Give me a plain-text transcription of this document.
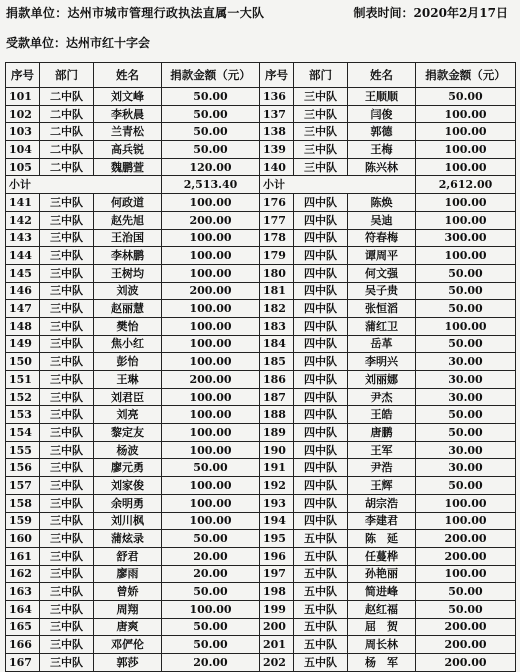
捐款单位：达州市城市管理行政执法直属一大队	制表时间：2020年2月17日
受款单位：达州市红十字会
序号	部门	姓名	捐款金额（元）	序号	部门	姓名	捐款金额（元）
101	二中队	刘文峰	50.00	136	三中队	王顺顺	50.00
102	二中队	李秋晨	50.00	137	三中队	闫俊	100.00
103	二中队	兰青松	50.00	138	三中队	郭德	100.00
104	二中队	高兵锐	50.00	139	三中队	王梅	100.00
105	二中队	魏鹏萱	120.00	140	三中队	陈兴林	100.00
小计			2,513.40	小计			2,612.00
141	三中队	何政道	100.00	176	四中队	陈焕	100.00
142	三中队	赵先旭	200.00	177	四中队	吴迪	100.00
143	三中队	王治国	100.00	178	四中队	符春梅	300.00
144	三中队	李林鹏	100.00	179	四中队	谭周平	100.00
145	三中队	王树均	100.00	180	四中队	何文强	50.00
146	三中队	刘波	200.00	181	四中队	吴子贵	50.00
147	三中队	赵丽慧	100.00	182	四中队	张恒滔	50.00
148	三中队	樊怡	100.00	183	四中队	蒲红卫	100.00
149	三中队	焦小红	100.00	184	四中队	岳革	50.00
150	三中队	彭怡	100.00	185	四中队	李明兴	30.00
151	三中队	王琳	200.00	186	四中队	刘丽娜	30.00
152	三中队	刘君臣	100.00	187	四中队	尹杰	30.00
153	三中队	刘亮	100.00	188	四中队	王皓	50.00
154	三中队	黎定友	100.00	189	四中队	唐鹏	50.00
155	三中队	杨波	100.00	190	四中队	王军	30.00
156	三中队	廖元勇	50.00	191	四中队	尹浩	30.00
157	三中队	刘家俊	100.00	192	四中队	王辉	50.00
158	三中队	余明勇	100.00	193	四中队	胡宗浩	100.00
159	三中队	刘川枫	100.00	194	四中队	李建君	100.00
160	三中队	蒲炫录	50.00	195	五中队	陈　延	200.00
161	三中队	舒君	20.00	196	五中队	任蔓桦	200.00
162	三中队	廖雨	20.00	197	五中队	孙艳丽	100.00
163	三中队	曾娇	50.00	198	五中队	简进峰	50.00
164	三中队	周翔	100.00	199	五中队	赵红福	50.00
165	三中队	唐爽	50.00	200	五中队	屈　贺	200.00
166	三中队	邓俨伦	50.00	201	五中队	周长林	200.00
167	三中队	郭莎	20.00	202	五中队	杨　军	200.00
